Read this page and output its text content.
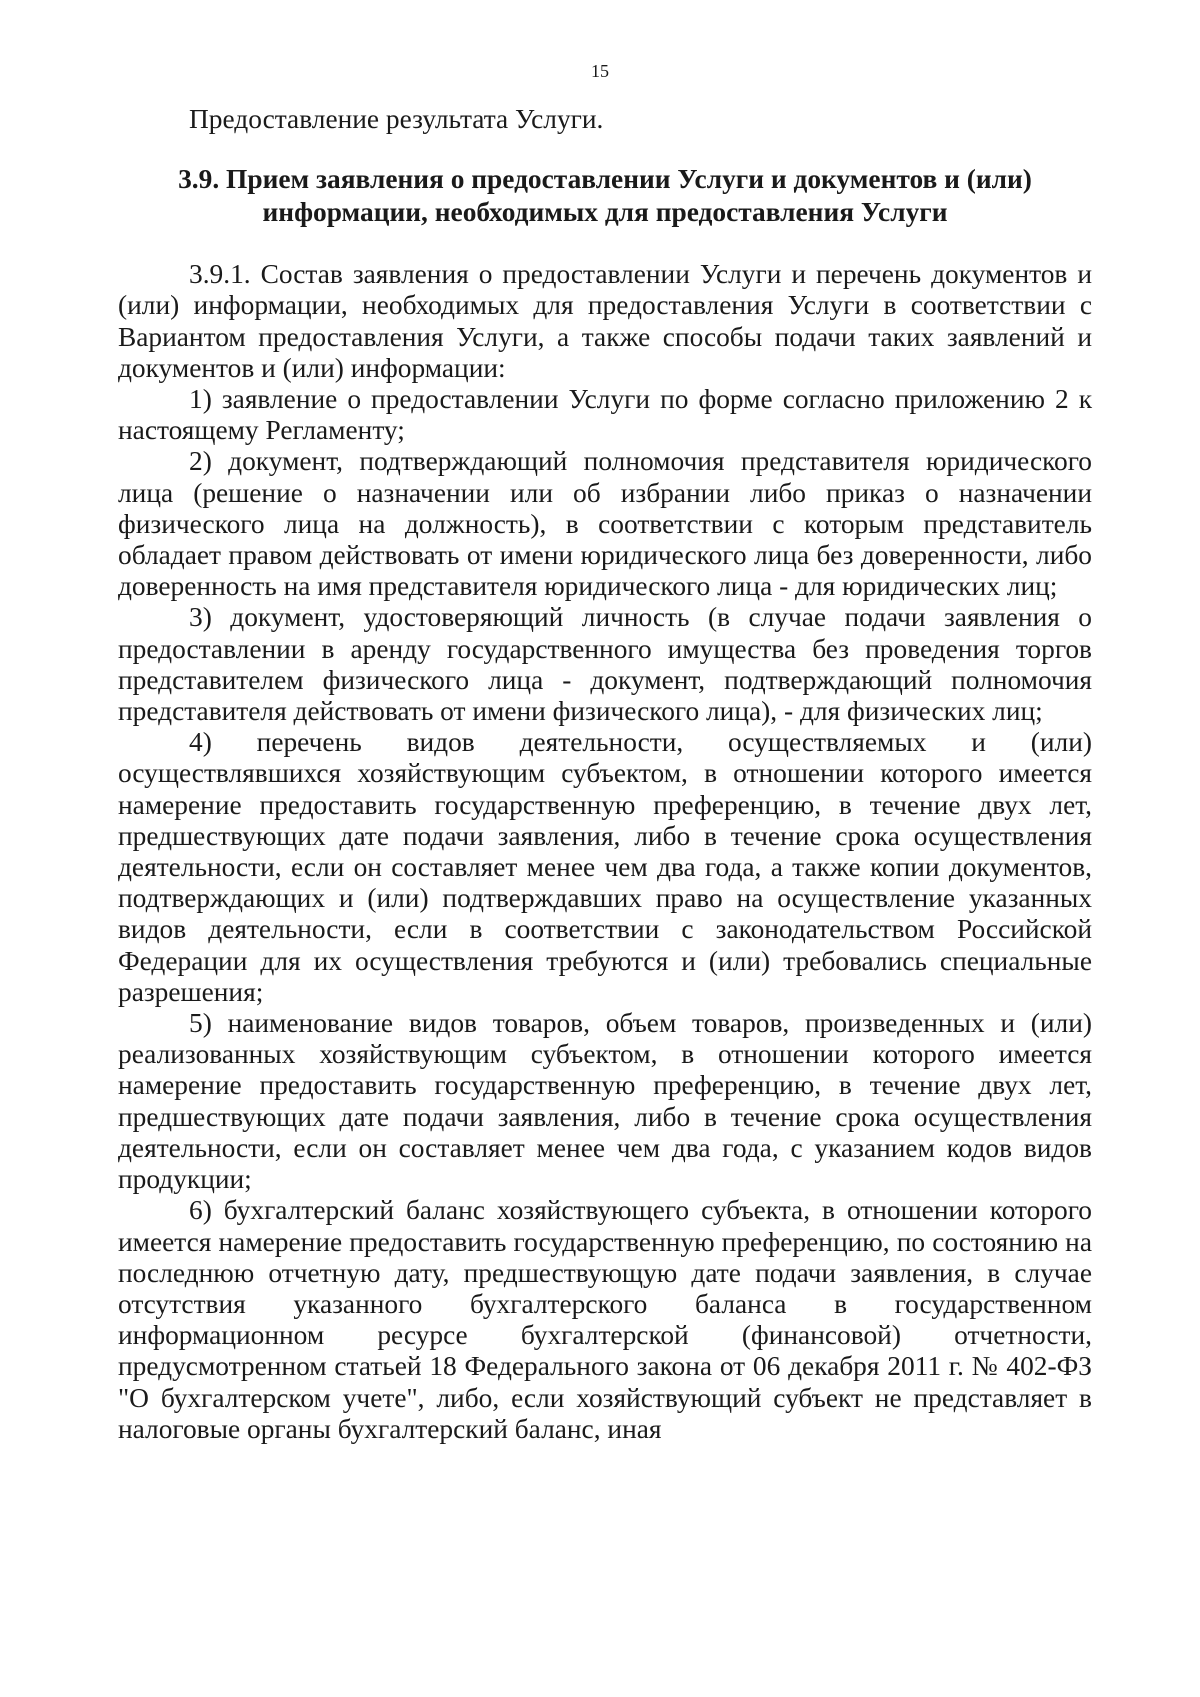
15

Предоставление результата Услуги.

3.9. Прием заявления о предоставлении Услуги и документов и (или) информации, необходимых для предоставления Услуги

3.9.1. Состав заявления о предоставлении Услуги и перечень документов и (или) информации, необходимых для предоставления Услуги в соответствии с Вариантом предоставления Услуги, а также способы подачи таких заявлений и документов и (или) информации:

1) заявление о предоставлении Услуги по форме согласно приложению 2 к настоящему Регламенту;

2) документ, подтверждающий полномочия представителя юридического лица (решение о назначении или об избрании либо приказ о назначении физического лица на должность), в соответствии с которым представитель обладает правом действовать от имени юридического лица без доверенности, либо доверенность на имя представителя юридического лица - для юридических лиц;

3) документ, удостоверяющий личность (в случае подачи заявления о предоставлении в аренду государственного имущества без проведения торгов представителем физического лица - документ, подтверждающий полномочия представителя действовать от имени физического лица), - для физических лиц;

4) перечень видов деятельности, осуществляемых и (или) осуществлявшихся хозяйствующим субъектом, в отношении которого имеется намерение предоставить государственную преференцию, в течение двух лет, предшествующих дате подачи заявления, либо в течение срока осуществления деятельности, если он составляет менее чем два года, а также копии документов, подтверждающих и (или) подтверждавших право на осуществление указанных видов деятельности, если в соответствии с законодательством Российской Федерации для их осуществления требуются и (или) требовались специальные разрешения;

5) наименование видов товаров, объем товаров, произведенных и (или) реализованных хозяйствующим субъектом, в отношении которого имеется намерение предоставить государственную преференцию, в течение двух лет, предшествующих дате подачи заявления, либо в течение срока осуществления деятельности, если он составляет менее чем два года, с указанием кодов видов продукции;

6) бухгалтерский баланс хозяйствующего субъекта, в отношении которого имеется намерение предоставить государственную преференцию, по состоянию на последнюю отчетную дату, предшествующую дате подачи заявления, в случае отсутствия указанного бухгалтерского баланса в государственном информационном ресурсе бухгалтерской (финансовой) отчетности, предусмотренном статьей 18 Федерального закона от 06 декабря 2011 г. № 402-ФЗ "О бухгалтерском учете", либо, если хозяйствующий субъект не представляет в налоговые органы бухгалтерский баланс, иная
